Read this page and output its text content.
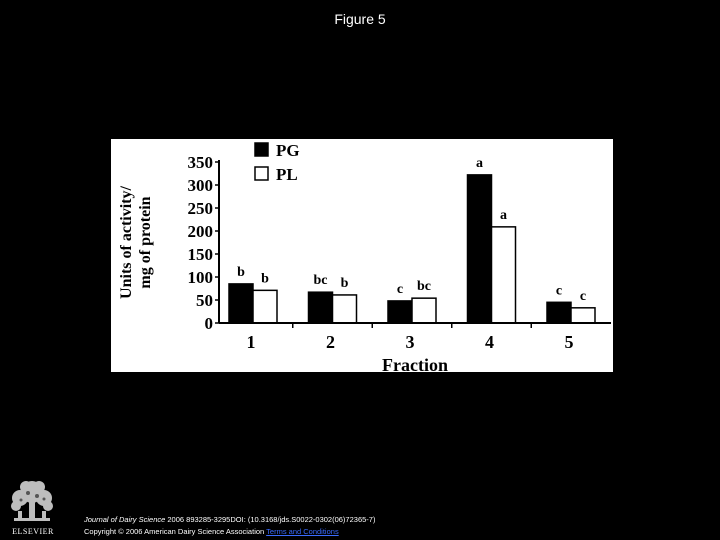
Figure 5
PG
PL
0
50
100
150
200
250
300
350
Units of activity/ mg of protein	b b	bc b	c bc
a
a
c c
1	2	3	4	5
Fraction
ELSEVIER
Journal of Dairy Science 2006 893285-3295DOI: (10.3168/jds.S0022-0302(06)72365-7)
Copyright © 2006 American Dairy Science Association Terms and Conditions
